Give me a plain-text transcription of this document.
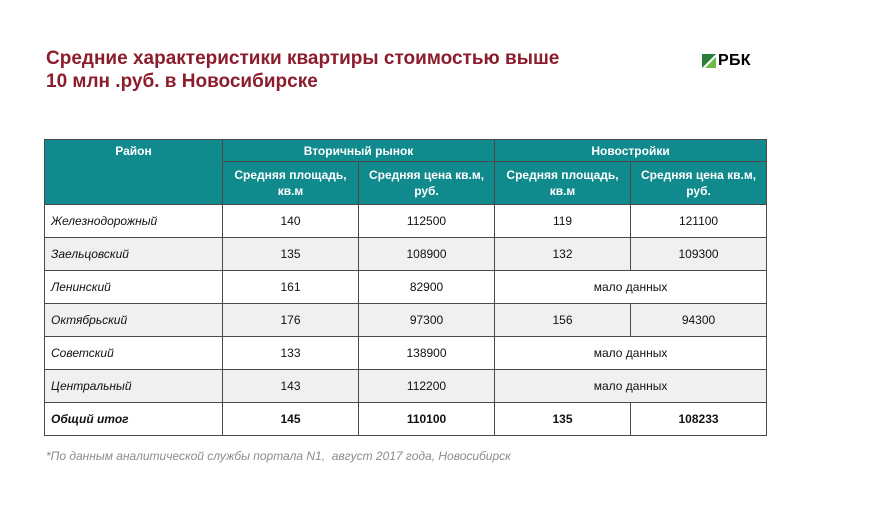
Средние характеристики квартиры стоимостью выше
10 млн .руб. в Новосибирске
РБК
Район	Вторичный рынок		Новостройки	
	Средняя площадь, кв.м	Средняя цена кв.м, руб.	Средняя площадь, кв.м	Средняя цена кв.м, руб.
Железнодорожный	140	112500	119	121100
Заельцовский	135	108900	132	109300
Ленинский	161	82900	мало данных	
Октябрьский	176	97300	156	94300
Советский	133	138900	мало данных	
Центральный	143	112200	мало данных	
Общий итог	145	110100	135	108233

*По данным аналитической службы портала N1,  август 2017 года, Новосибирск
